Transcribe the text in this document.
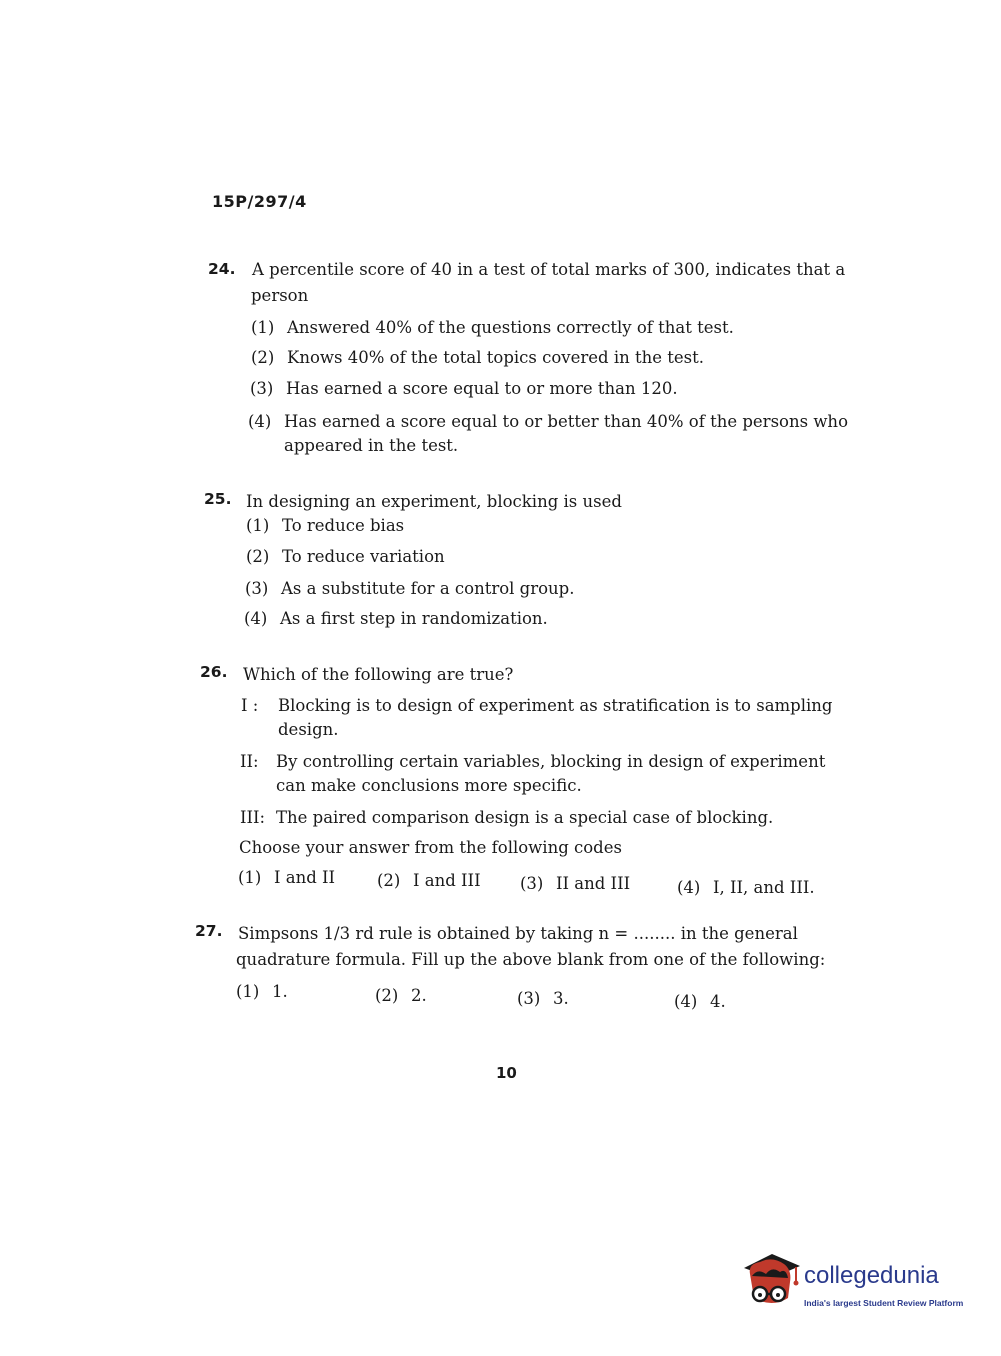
15P/297/4
24. A percentile score of 40 in a test of total marks of 300, indicates that a
person
(1) Answered 40% of the questions correctly of that test.
(2) Knows 40% of the total topics covered in the test.
(3) Has earned a score equal to or more than 120.
(4) Has earned a score equal to or better than 40% of the persons who
appeared in the test.
25. In designing an experiment, blocking is used
(1) To reduce bias
(2) To reduce variation
(3) As a substitute for a control group.
(4) As a first step in randomization.
26. Which of the following are true?
I : Blocking is to design of experiment as stratification is to sampling
design.
II: By controlling certain variables, blocking in design of experiment
can make conclusions more specific.
III: The paired comparison design is a special case of blocking.
Choose your answer from the following codes
(1) I and II	(2) I and III (3) II and III	(4) I, II, and III.
27. Simpsons 1/3 rd rule is obtained by taking n = ........ in the general
quadrature formula. Fill up the above blank from one of the following:
(1) 1.	(2) 2.	(3) 3.	(4) 4.
10
collegedunia
India's largest Student Review Platform
